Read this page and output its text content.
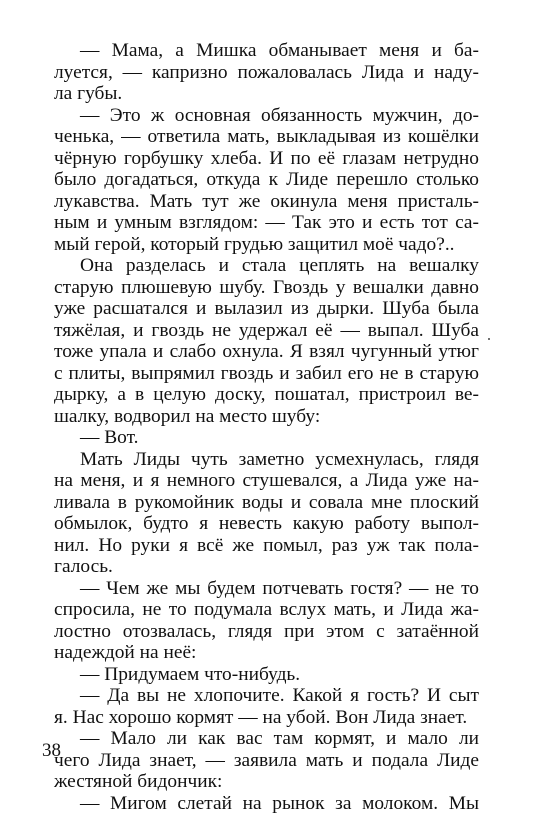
— Мама, а Мишка обманывает меня и ба-
луется, — капризно пожаловалась Лида и наду-
ла губы.
— Это ж основная обязанность мужчин, до-
ченька, — ответила мать, выкладывая из кошёлки
чёрную горбушку хлеба. И по её глазам нетрудно
было догадаться, откуда к Лиде перешло столько
лукавства. Мать тут же окинула меня присталь-
ным и умным взглядом: — Так это и есть тот са-
мый герой, который грудью защитил моё чадо?..
Она разделась и стала цеплять на вешалку
старую плюшевую шубу. Гвоздь у вешалки давно
уже расшатался и вылазил из дырки. Шуба была
тяжёлая, и гвоздь не удержал её — выпал. Шуба
тоже упала и слабо охнула. Я взял чугунный утюг
с плиты, выпрямил гвоздь и забил его не в старую
дырку, а в целую доску, пошатал, пристроил ве-
шалку, водворил на место шубу:
— Вот.
Мать Лиды чуть заметно усмехнулась, глядя
на меня, и я немного стушевался, а Лида уже на-
ливала в рукомойник воды и совала мне плоский
обмылок, будто я невесть какую работу выпол-
нил. Но руки я всё же помыл, раз уж так пола-
галось.
— Чем же мы будем потчевать гостя? — не то
спросила, не то подумала вслух мать, и Лида жа-
лостно отозвалась, глядя при этом с затаённой
надеждой на неё:
— Придумаем что-нибудь.
— Да вы не хлопочите. Какой я гость? И сыт
я. Нас хорошо кормят — на убой. Вон Лида знает.
— Мало ли как вас там кормят, и мало ли
чего Лида знает, — заявила мать и подала Лиде
жестяной бидончик:
— Мигом слетай на рынок за молоком. Мы
38
